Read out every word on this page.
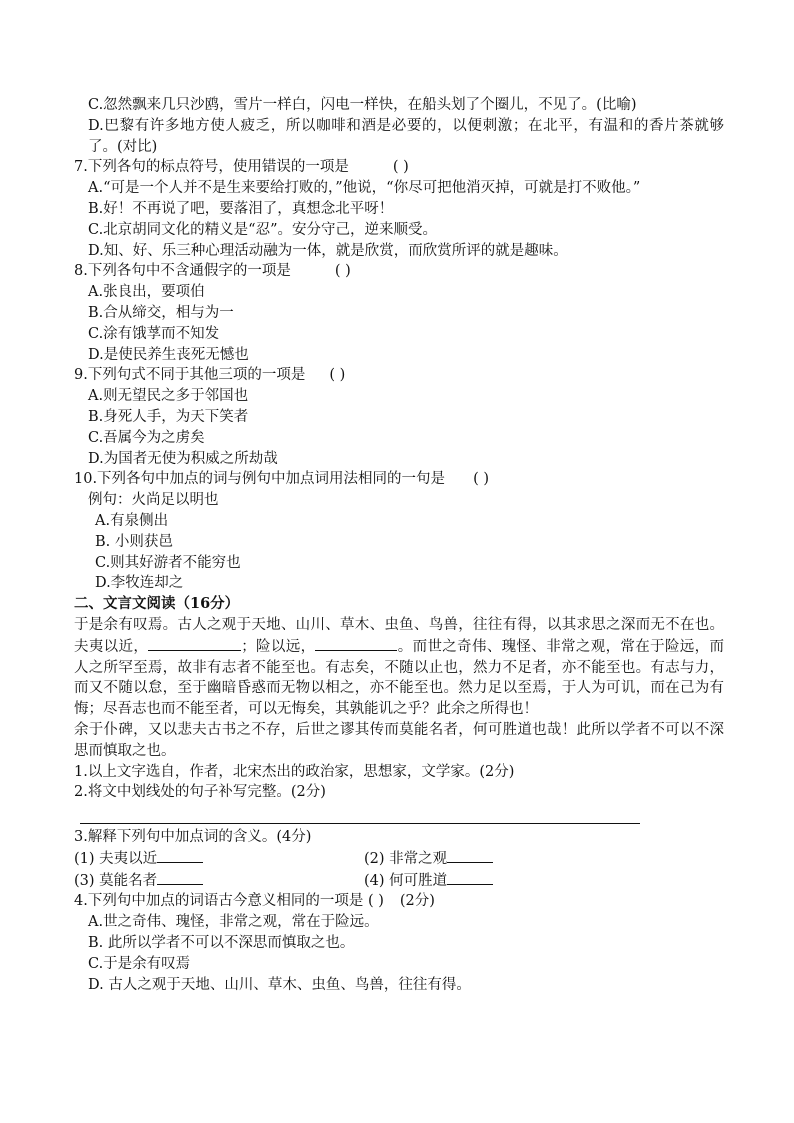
C.忽然飘来几只沙鸥，雪片一样白，闪电一样快，在船头划了个圈儿，不见了。(比喻)
D.巴黎有许多地方使人疲乏，所以咖啡和酒是必要的，以便刺激；在北平，有温和的香片茶就够了。(对比)
7.下列各句的标点符号，使用错误的一项是	( )
A.“可是一个人并不是生来要给打败的，”他说，“你尽可把他消灭掉，可就是打不败他。”
B.好！不再说了吧，要落泪了，真想念北平呀！
C.北京胡同文化的精义是“忍”。安分守己，逆来顺受。
D.知、好、乐三种心理活动融为一体，就是欣赏，而欣赏所评的就是趣味。
8.下列各句中不含通假字的一项是	( )
A.张良出，要项伯
B.合从缔交，相与为一
C.涂有饿莩而不知发
D.是使民养生丧死无憾也
9.下列句式不同于其他三项的一项是 ( )
A.则无望民之多于邻国也
B.身死人手，为天下笑者
C.吾属今为之虏矣
D.为国者无使为积威之所劫哉
10.下列各句中加点的词与例句中加点词用法相同的一句是 ( )
例句：火尚足以明也
A.有泉侧出
B. 小则获邑
C.则其好游者不能穷也
D.李牧连却之
二、文言文阅读（16分）
于是余有叹焉。古人之观于天地、山川、草木、虫鱼、鸟兽，往往有得，以其求思之深而无不在也。夫夷以近，	；险以远，	。而世之奇伟、瑰怪、非常之观，常在于险远，而人之所罕至焉，故非有志者不能至也。有志矣，不随以止也，然力不足者，亦不能至也。有志与力，而又不随以怠，至于幽暗昏惑而无物以相之，亦不能至也。然力足以至焉，于人为可讥，而在己为有悔；尽吾志也而不能至者，可以无悔矣，其孰能讥之乎？此余之所得也！
余于仆碑，又以悲夫古书之不存，后世之谬其传而莫能名者，何可胜道也哉！此所以学者不可以不深思而慎取之也。
1.以上文字选自，作者，北宋杰出的政治家，思想家，文学家。(2分)
2.将文中划线处的句子补写完整。(2分)
3.解释下列句中加点词的含义。(4分)
(1) 夫夷以近	(2) 非常之观
(3) 莫能名者	(4) 何可胜道
4.下列句中加点的词语古今意义相同的一项是 ( ) (2分)
A.世之奇伟、瑰怪，非常之观，常在于险远。
B. 此所以学者不可以不深思而慎取之也。
C.于是余有叹焉
D. 古人之观于天地、山川、草木、虫鱼、鸟兽，往往有得。
